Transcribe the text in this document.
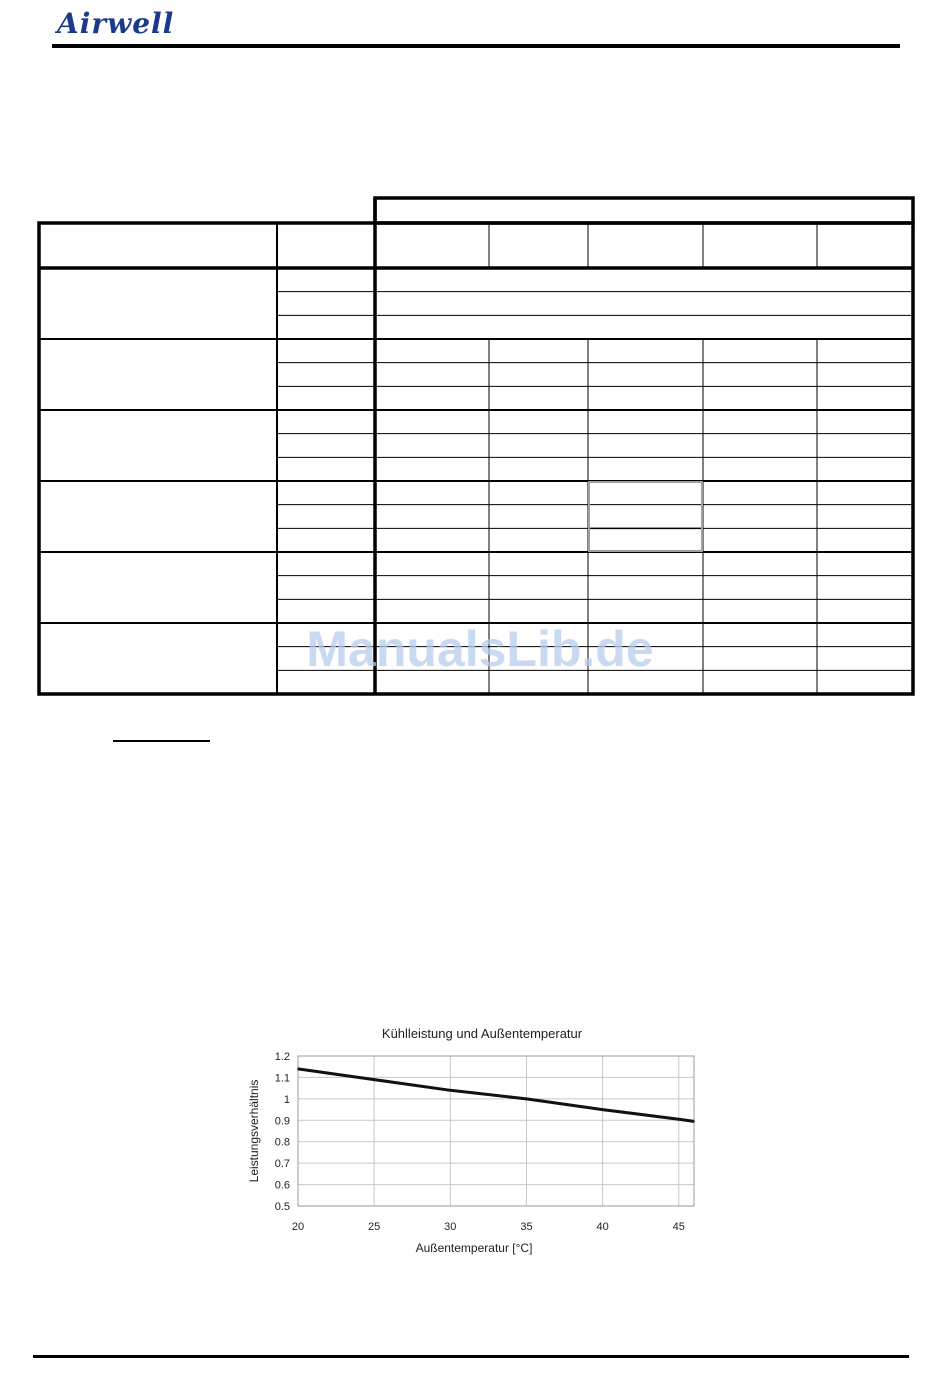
Airwell
ManualsLib.de
Kühlleistung und Außentemperatur
0.5
0.6
0.7
0.8
0.9
1
1.1
1.2
20	25	30	35	40	45
Außentemperatur [°C]
Leistungsverhältnis
